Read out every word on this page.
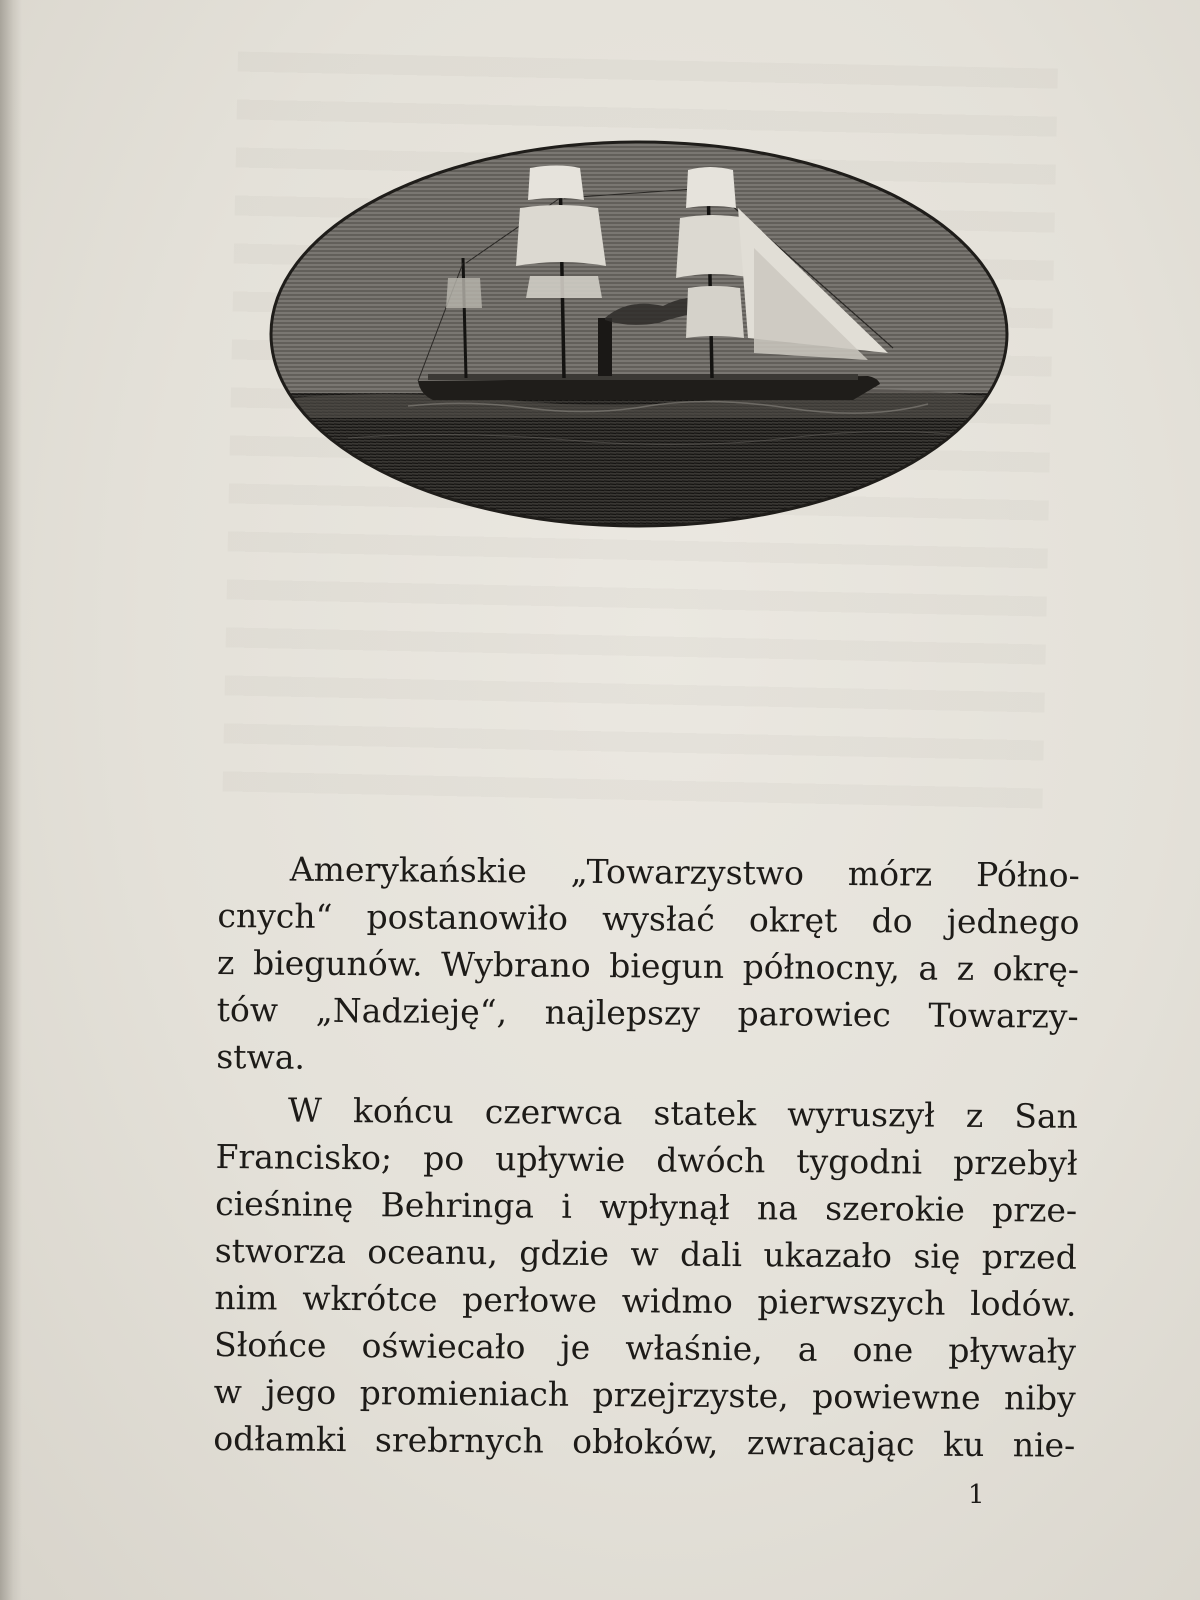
Amerykańskie „Towarzystwo mórz Półno-
cnych“ postanowiło wysłać okręt do jednego
z biegunów. Wybrano biegun północny, a z okrę-
tów „Nadzieję“, najlepszy parowiec Towarzy-
stwa.
W końcu czerwca statek wyruszył z San
Francisko; po upływie dwóch tygodni przebył
cieśninę Behringa i wpłynął na szerokie prze-
stworza oceanu, gdzie w dali ukazało się przed
nim wkrótce perłowe widmo pierwszych lodów.
Słońce oświecało je właśnie, a one pływały
w jego promieniach przejrzyste, powiewne niby
odłamki srebrnych obłoków, zwracając ku nie-
1
